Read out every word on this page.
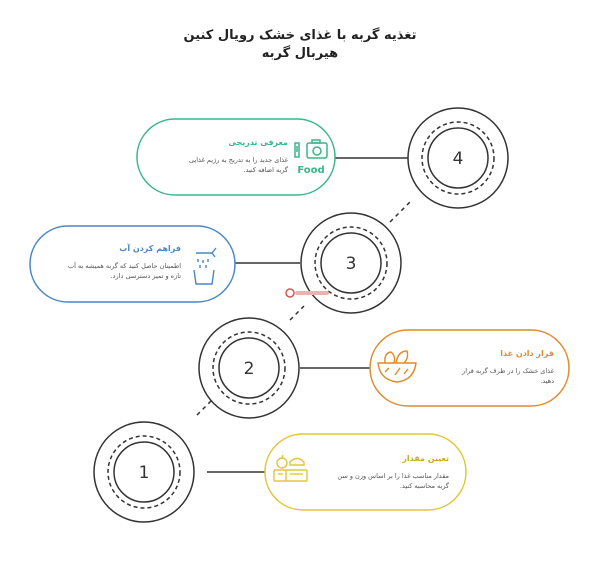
تغذیه گربه با غذای خشک رویال کنین
هیربال گربه
1
2
3
4
Food
معرفی تدریجی
غذای جدید را به تدریج به رژیم غذایی
گربه اضافه کنید.
فراهم کردن آب
اطمینان حاصل کنید که گربه همیشه به آب
تازه و تمیز دسترسی دارد.
قرار دادن غذا
غذای خشک را در ظرف گربه قرار
دهید.
تعیین مقدار
مقدار مناسب غذا را بر اساس وزن و سن
گربه محاسبه کنید.
